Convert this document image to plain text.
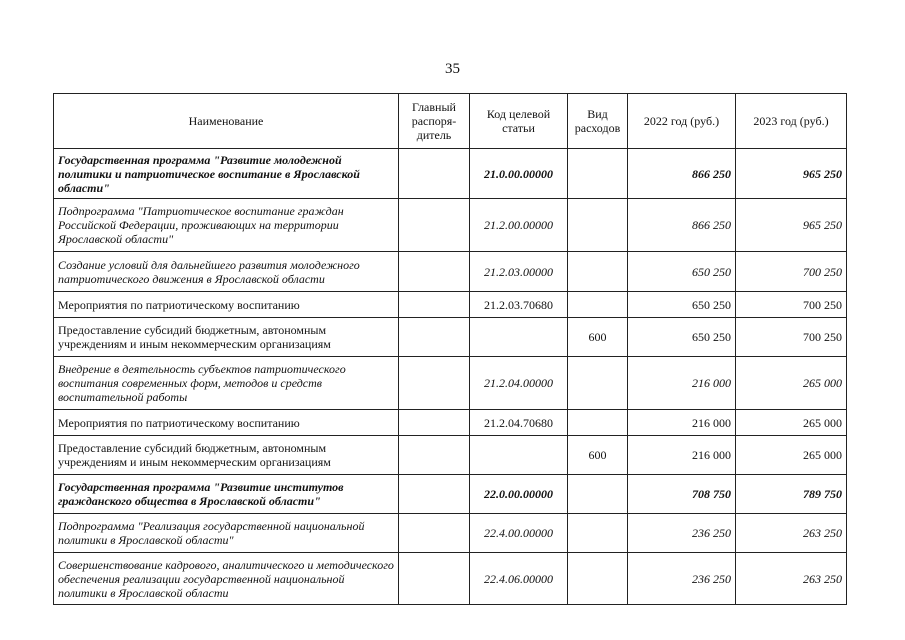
35
Наименование	Главный распоря-дитель	Код целевой статьи	Вид расходов	2022 год (руб.)	2023 год (руб.)
Государственная программа "Развитие молодежной политики и патриотическое воспитание в Ярославской области"		21.0.00.00000		866 250	965 250
Подпрограмма "Патриотическое воспитание граждан Российской Федерации, проживающих на территории Ярославской области"		21.2.00.00000		866 250	965 250
Создание условий для дальнейшего развития молодежного патриотического движения в Ярославской области		21.2.03.00000		650 250	700 250
Мероприятия по патриотическому воспитанию		21.2.03.70680		650 250	700 250
Предоставление субсидий бюджетным, автономным учреждениям и иным некоммерческим организациям			600	650 250	700 250
Внедрение в деятельность субъектов патриотического воспитания современных форм, методов и средств воспитательной работы		21.2.04.00000		216 000	265 000
Мероприятия по патриотическому воспитанию		21.2.04.70680		216 000	265 000
Предоставление субсидий бюджетным, автономным учреждениям и иным некоммерческим организациям			600	216 000	265 000
Государственная программа "Развитие институтов гражданского общества в Ярославской области"		22.0.00.00000		708 750	789 750
Подпрограмма "Реализация государственной национальной политики в Ярославской области"		22.4.00.00000		236 250	263 250
Совершенствование кадрового, аналитического и методического обеспечения реализации государственной национальной политики в Ярославской области		22.4.06.00000		236 250	263 250
